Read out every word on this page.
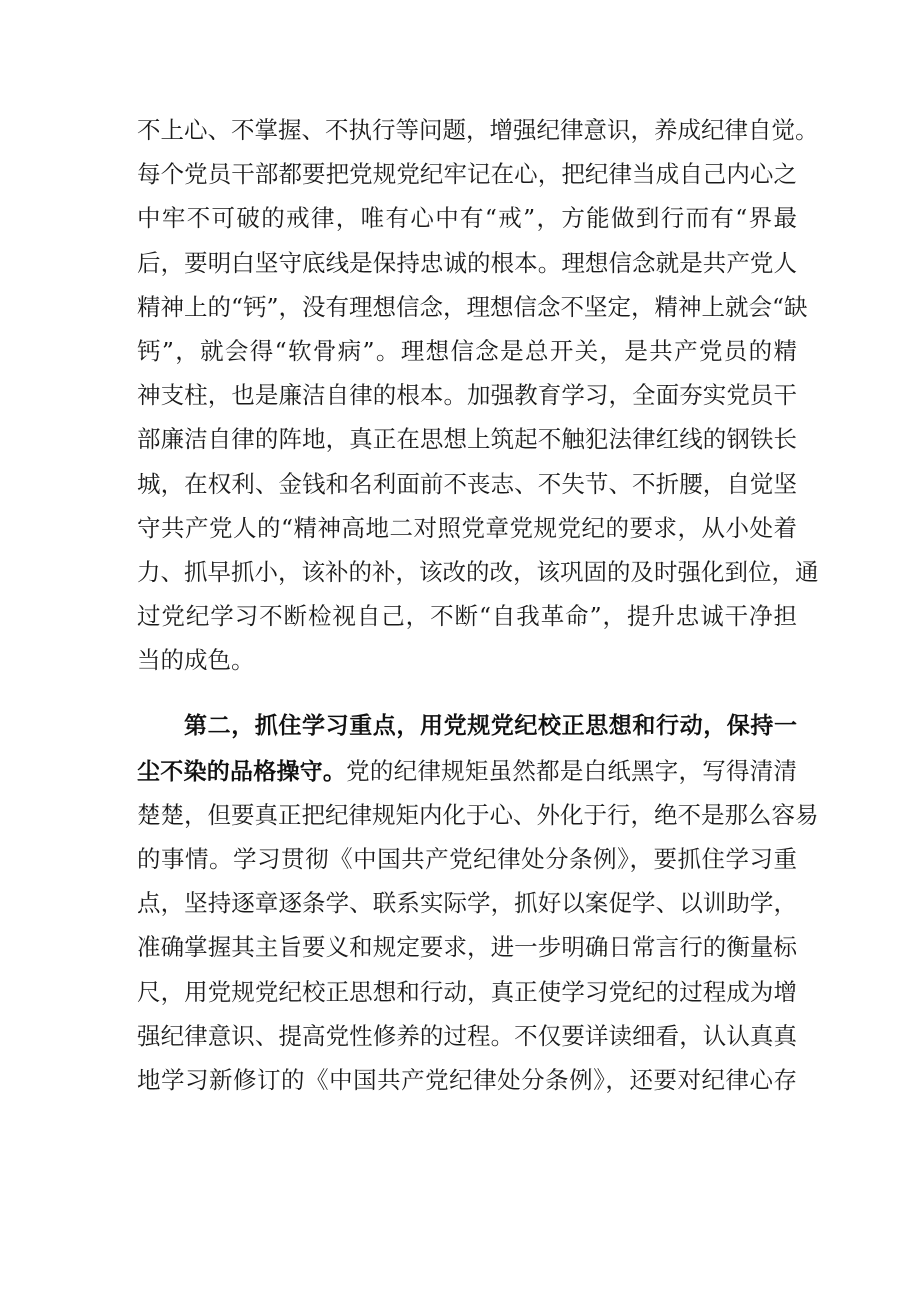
不上心、不掌握、不执行等问题，增强纪律意识，养成纪律自觉。
每个党员干部都要把党规党纪牢记在心，把纪律当成自己内心之
中牢不可破的戒律，唯有心中有“戒”，方能做到行而有“界最
后，要明白坚守底线是保持忠诚的根本。理想信念就是共产党人
精神上的“钙”，没有理想信念，理想信念不坚定，精神上就会“缺
钙”，就会得“软骨病”。理想信念是总开关，是共产党员的精
神支柱，也是廉洁自律的根本。加强教育学习，全面夯实党员干
部廉洁自律的阵地，真正在思想上筑起不触犯法律红线的钢铁长
城，在权利、金钱和名利面前不丧志、不失节、不折腰，自觉坚
守共产党人的“精神高地二对照党章党规党纪的要求，从小处着
力、抓早抓小，该补的补，该改的改，该巩固的及时强化到位，通
过党纪学习不断检视自己，不断“自我革命”，提升忠诚干净担
当的成色。
第二，抓住学习重点，用党规党纪校正思想和行动，保持一
尘不染的品格操守。党的纪律规矩虽然都是白纸黑字，写得清清
楚楚，但要真正把纪律规矩内化于心、外化于行，绝不是那么容易
的事情。学习贯彻《中国共产党纪律处分条例》，要抓住学习重
点，坚持逐章逐条学、联系实际学，抓好以案促学、以训助学，
准确掌握其主旨要义和规定要求，进一步明确日常言行的衡量标
尺，用党规党纪校正思想和行动，真正使学习党纪的过程成为增
强纪律意识、提高党性修养的过程。不仅要详读细看，认认真真
地学习新修订的《中国共产党纪律处分条例》，还要对纪律心存
